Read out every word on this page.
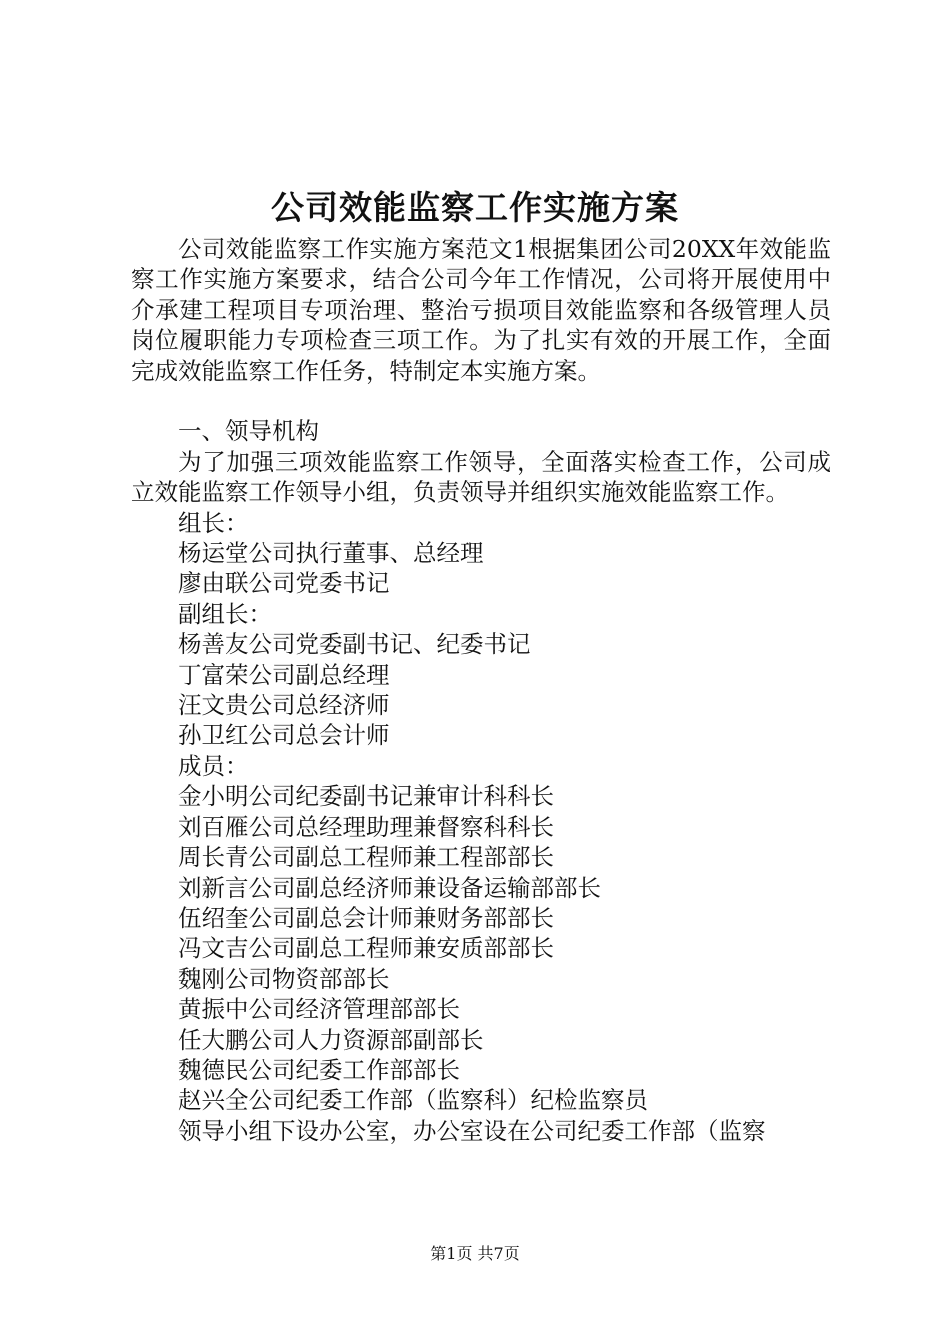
公司效能监察工作实施方案

公司效能监察工作实施方案范文1根据集团公司20XX年效能监察工作实施方案要求，结合公司今年工作情况，公司将开展使用中介承建工程项目专项治理、整治亏损项目效能监察和各级管理人员岗位履职能力专项检查三项工作。为了扎实有效的开展工作，全面完成效能监察工作任务，特制定本实施方案。

一、领导机构

为了加强三项效能监察工作领导，全面落实检查工作，公司成立效能监察工作领导小组，负责领导并组织实施效能监察工作。

组长：

杨运堂公司执行董事、总经理

廖由联公司党委书记

副组长：

杨善友公司党委副书记、纪委书记

丁富荣公司副总经理

汪文贵公司总经济师

孙卫红公司总会计师

成员：

金小明公司纪委副书记兼审计科科长

刘百雁公司总经理助理兼督察科科长

周长青公司副总工程师兼工程部部长

刘新言公司副总经济师兼设备运输部部长

伍绍奎公司副总会计师兼财务部部长

冯文吉公司副总工程师兼安质部部长

魏刚公司物资部部长

黄振中公司经济管理部部长

任大鹏公司人力资源部副部长

魏德民公司纪委工作部部长

赵兴全公司纪委工作部（监察科）纪检监察员

领导小组下设办公室，办公室设在公司纪委工作部（监察

第1页 共7页
